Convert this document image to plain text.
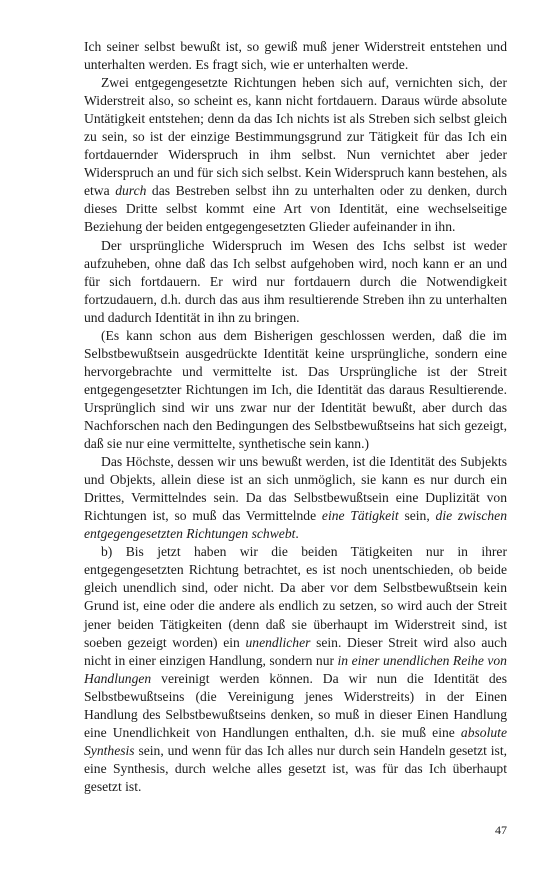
Ich seiner selbst bewußt ist, so gewiß muß jener Widerstreit entstehen und unterhalten werden. Es fragt sich, wie er unterhalten werde.

Zwei entgegengesetzte Richtungen heben sich auf, vernichten sich, der Widerstreit also, so scheint es, kann nicht fortdauern. Daraus würde absolute Untätigkeit entstehen; denn da das Ich nichts ist als Streben sich selbst gleich zu sein, so ist der einzige Bestimmungsgrund zur Tätigkeit für das Ich ein fortdauernder Widerspruch in ihm selbst. Nun vernichtet aber jeder Widerspruch an und für sich sich selbst. Kein Widerspruch kann bestehen, als etwa durch das Bestreben selbst ihn zu unterhalten oder zu denken, durch dieses Dritte selbst kommt eine Art von Identität, eine wechselseitige Beziehung der beiden entgegengesetzten Glieder aufeinander in ihn.

Der ursprüngliche Widerspruch im Wesen des Ichs selbst ist weder aufzuheben, ohne daß das Ich selbst aufgehoben wird, noch kann er an und für sich fortdauern. Er wird nur fortdauern durch die Notwendigkeit fortzudauern, d.h. durch das aus ihm resultierende Streben ihn zu unterhalten und dadurch Identität in ihn zu bringen.

(Es kann schon aus dem Bisherigen geschlossen werden, daß die im Selbstbewußtsein ausgedrückte Identität keine ursprüngliche, sondern eine hervorgebrachte und vermittelte ist. Das Ursprüngliche ist der Streit entgegengesetzter Richtungen im Ich, die Identität das daraus Resultierende. Ursprünglich sind wir uns zwar nur der Identität bewußt, aber durch das Nachforschen nach den Bedingungen des Selbstbewußtseins hat sich gezeigt, daß sie nur eine vermittelte, synthetische sein kann.)

Das Höchste, dessen wir uns bewußt werden, ist die Identität des Subjekts und Objekts, allein diese ist an sich unmöglich, sie kann es nur durch ein Drittes, Vermittelndes sein. Da das Selbstbewußtsein eine Duplizität von Richtungen ist, so muß das Vermittelnde eine Tätigkeit sein, die zwischen entgegengesetzten Richtungen schwebt.

b) Bis jetzt haben wir die beiden Tätigkeiten nur in ihrer entgegengesetzten Richtung betrachtet, es ist noch unentschieden, ob beide gleich unendlich sind, oder nicht. Da aber vor dem Selbstbewußtsein kein Grund ist, eine oder die andere als endlich zu setzen, so wird auch der Streit jener beiden Tätigkeiten (denn daß sie überhaupt im Widerstreit sind, ist soeben gezeigt worden) ein unendlicher sein. Dieser Streit wird also auch nicht in einer einzigen Handlung, sondern nur in einer unendlichen Reihe von Handlungen vereinigt werden können. Da wir nun die Identität des Selbstbewußtseins (die Vereinigung jenes Widerstreits) in der Einen Handlung des Selbstbewußtseins denken, so muß in dieser Einen Handlung eine Unendlichkeit von Handlungen enthalten, d.h. sie muß eine absolute Synthesis sein, und wenn für das Ich alles nur durch sein Handeln gesetzt ist, eine Synthesis, durch welche alles gesetzt ist, was für das Ich überhaupt gesetzt ist.

47
